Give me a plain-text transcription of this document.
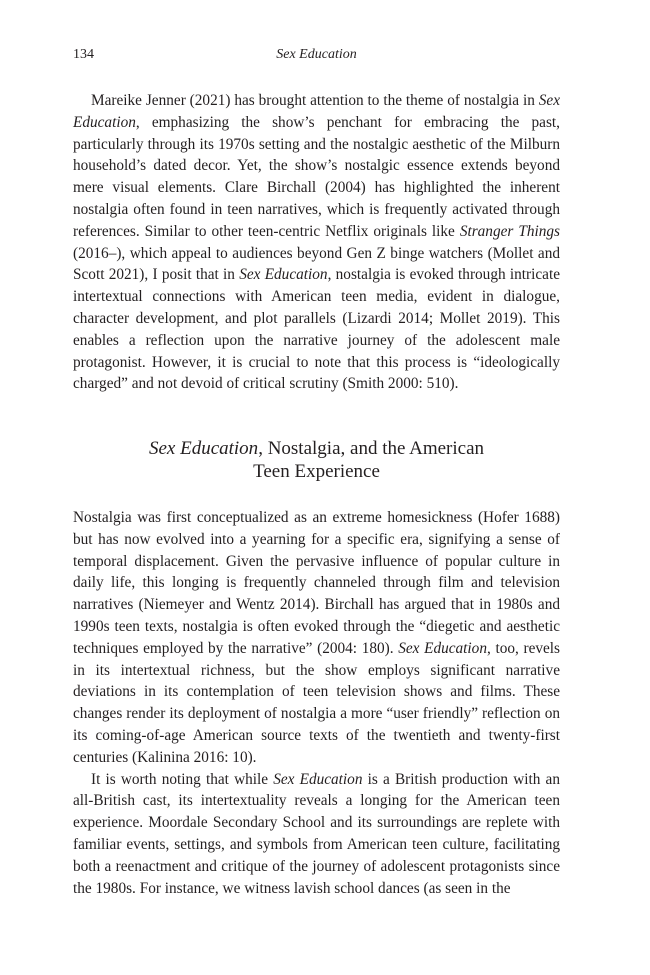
134	Sex Education

Mareike Jenner (2021) has brought attention to the theme of nostalgia in Sex Education, emphasizing the show’s penchant for embracing the past, particularly through its 1970s setting and the nostalgic aesthetic of the Milburn household’s dated decor. Yet, the show’s nostalgic essence extends beyond mere visual elements. Clare Birchall (2004) has highlighted the inherent nostalgia often found in teen narratives, which is frequently activated through references. Similar to other teen-centric Netflix originals like Stranger Things (2016–), which appeal to audiences beyond Gen Z binge watchers (Mollet and Scott 2021), I posit that in Sex Education, nostalgia is evoked through intricate intertextual connections with American teen media, evident in dialogue, character development, and plot parallels (Lizardi 2014; Mollet 2019). This enables a reflection upon the narrative journey of the adolescent male protagonist. However, it is crucial to note that this process is “ideologically charged” and not devoid of critical scrutiny (Smith 2000: 510).

Sex Education, Nostalgia, and the American
Teen Experience

Nostalgia was first conceptualized as an extreme homesickness (Hofer 1688) but has now evolved into a yearning for a specific era, signifying a sense of temporal displacement. Given the pervasive influence of popular culture in daily life, this longing is frequently channeled through film and television narratives (Niemeyer and Wentz 2014). Birchall has argued that in 1980s and 1990s teen texts, nostalgia is often evoked through the “diegetic and aesthetic techniques employed by the narrative” (2004: 180). Sex Education, too, revels in its intertextual richness, but the show employs significant narrative deviations in its contemplation of teen television shows and films. These changes render its deployment of nostalgia a more “user friendly” reflection on its coming-of-age American source texts of the twentieth and twenty-first centuries (Kalinina 2016: 10).

It is worth noting that while Sex Education is a British production with an all-British cast, its intertextuality reveals a longing for the American teen experience. Moordale Secondary School and its surroundings are replete with familiar events, settings, and symbols from American teen culture, facilitating both a reenactment and critique of the journey of adolescent protagonists since the 1980s. For instance, we witness lavish school dances (as seen in the
